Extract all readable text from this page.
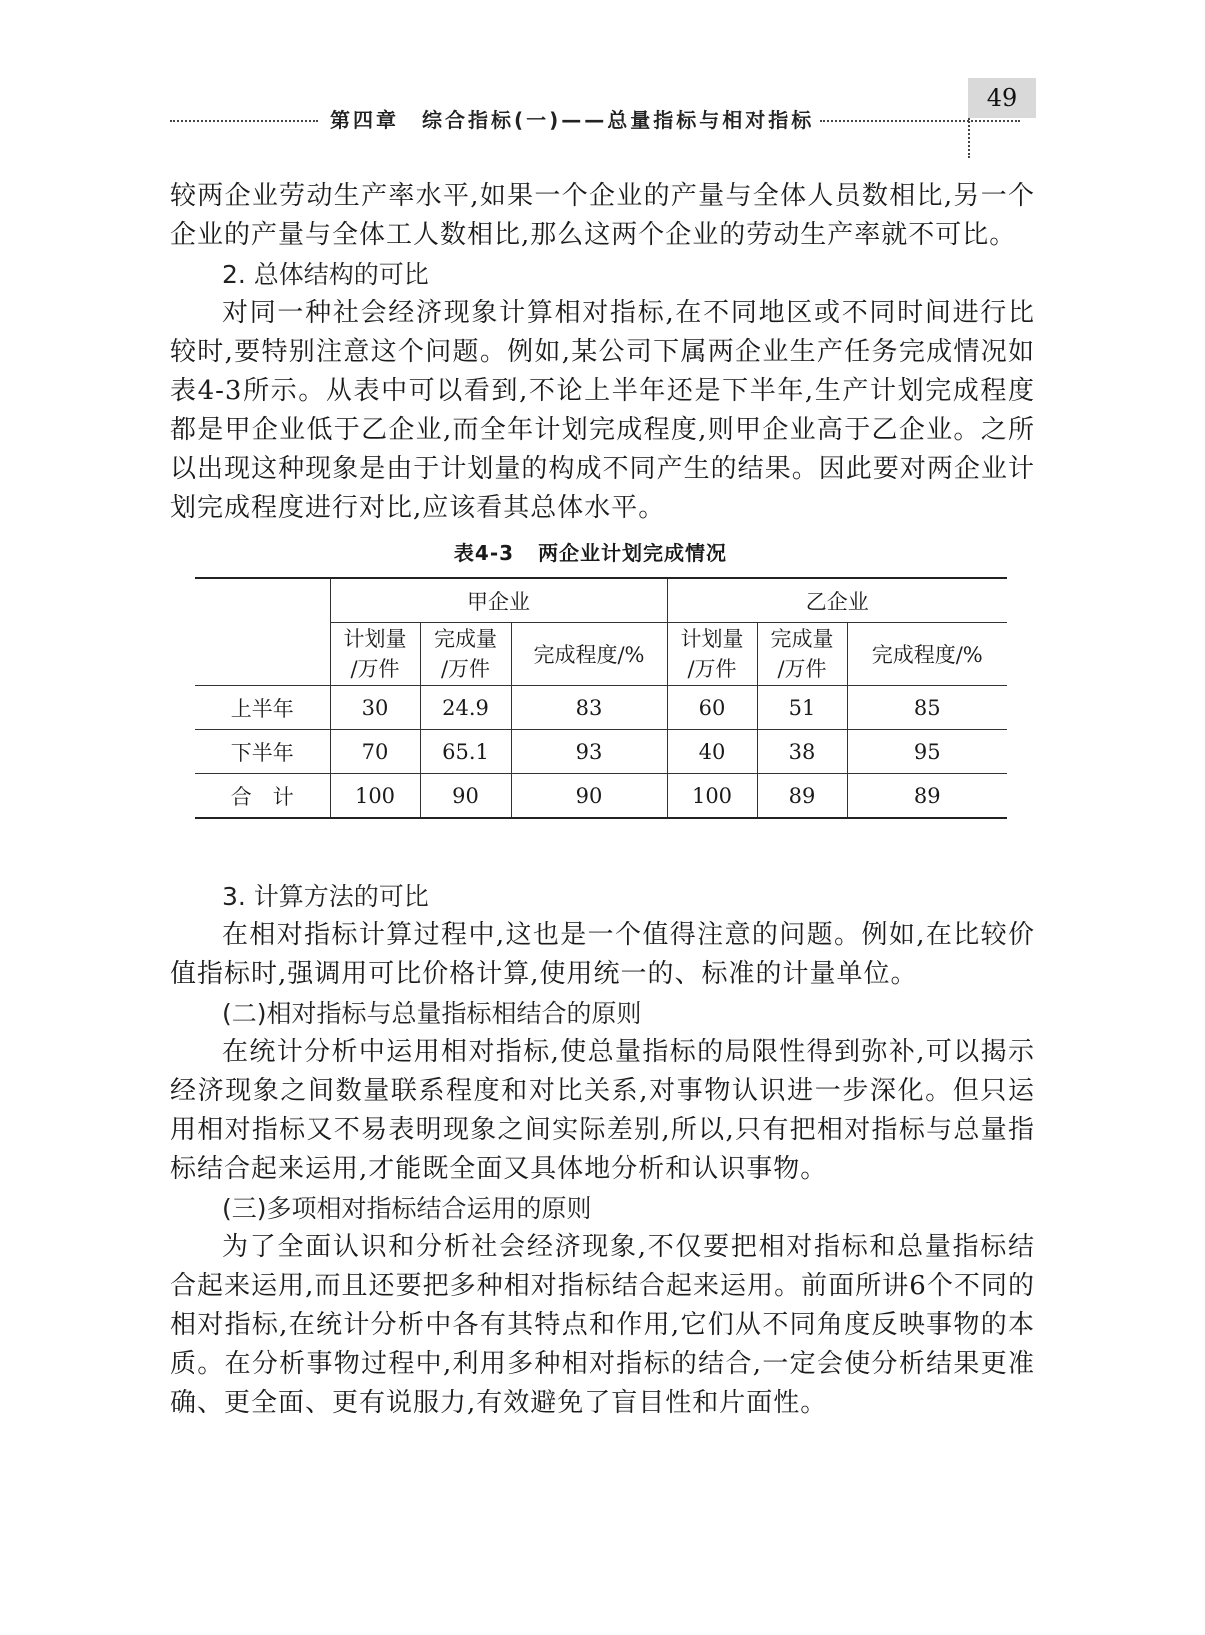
第四章　综合指标(一)——总量指标与相对指标
49

较两企业劳动生产率水平,如果一个企业的产量与全体人员数相比,另一个企业的产量与全体工人数相比,那么这两个企业的劳动生产率就不可比。

2. 总体结构的可比

对同一种社会经济现象计算相对指标,在不同地区或不同时间进行比较时,要特别注意这个问题。例如,某公司下属两企业生产任务完成情况如表4-3所示。从表中可以看到,不论上半年还是下半年,生产计划完成程度都是甲企业低于乙企业,而全年计划完成程度,则甲企业高于乙企业。之所以出现这种现象是由于计划量的构成不同产生的结果。因此要对两企业计划完成程度进行对比,应该看其总体水平。

表4-3 两企业计划完成情况
	甲企业			乙企业		
	计划量
/万件	完成量
/万件	完成程度/%	计划量
/万件	完成量
/万件	完成程度/%
上半年	30	24.9	83	60	51	85
下半年	70	65.1	93	40	38	95
合　计	100	90	90	100	89	89

3. 计算方法的可比

在相对指标计算过程中,这也是一个值得注意的问题。例如,在比较价值指标时,强调用可比价格计算,使用统一的、标准的计量单位。

(二)相对指标与总量指标相结合的原则

在统计分析中运用相对指标,使总量指标的局限性得到弥补,可以揭示经济现象之间数量联系程度和对比关系,对事物认识进一步深化。但只运用相对指标又不易表明现象之间实际差别,所以,只有把相对指标与总量指标结合起来运用,才能既全面又具体地分析和认识事物。

(三)多项相对指标结合运用的原则

为了全面认识和分析社会经济现象,不仅要把相对指标和总量指标结合起来运用,而且还要把多种相对指标结合起来运用。前面所讲6个不同的相对指标,在统计分析中各有其特点和作用,它们从不同角度反映事物的本质。在分析事物过程中,利用多种相对指标的结合,一定会使分析结果更准确、更全面、更有说服力,有效避免了盲目性和片面性。
